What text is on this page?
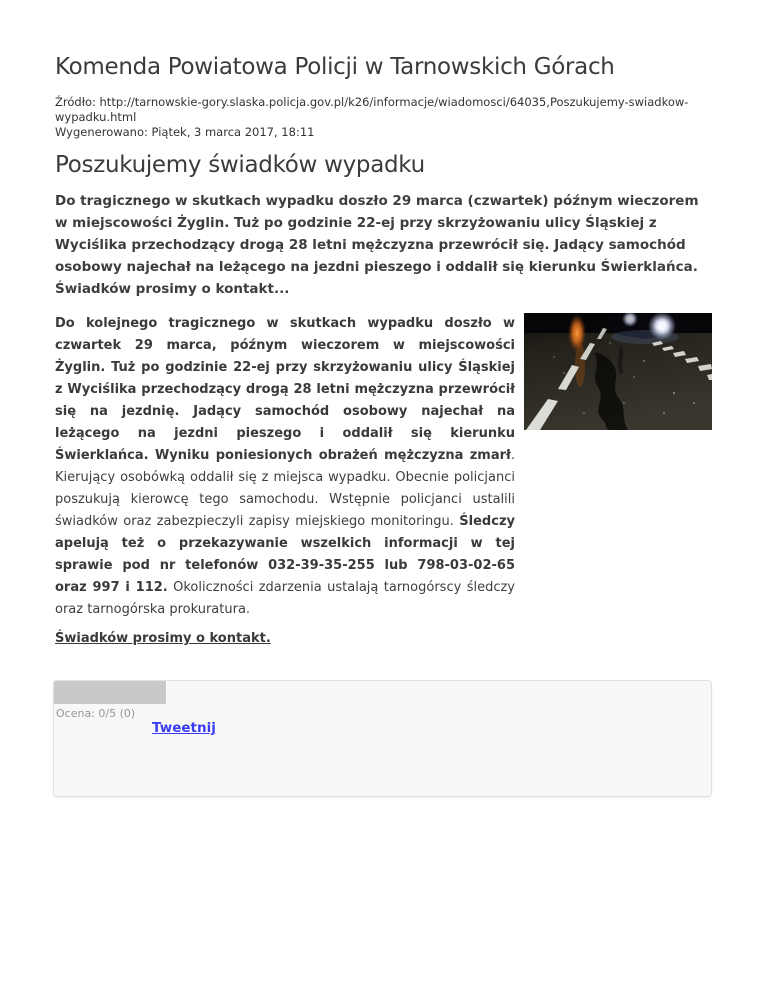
Komenda Powiatowa Policji w Tarnowskich Górach
Źródło: http://tarnowskie-gory.slaska.policja.gov.pl/k26/informacje/wiadomosci/64035,Poszukujemy-swiadkow-wypadku.html
Wygenerowano: Piątek, 3 marca 2017, 18:11
Poszukujemy świadków wypadku

Do tragicznego w skutkach wypadku doszło 29 marca (czwartek) późnym wieczorem w miejscowości Żyglin. Tuż po godzinie 22-ej przy skrzyżowaniu ulicy Śląskiej z Wyciślika przechodzący drogą 28 letni mężczyzna przewrócił się. Jadący samochód osobowy najechał na leżącego na jezdni pieszego i oddalił się kierunku Świerklańca. Świadków prosimy o kontakt...

Do kolejnego tragicznego w skutkach wypadku doszło w czwartek 29 marca, późnym wieczorem w miejscowości Żyglin. Tuż po godzinie 22-ej przy skrzyżowaniu ulicy Śląskiej z Wyciślika przechodzący drogą 28 letni mężczyzna przewrócił się na jezdnię. Jadący samochód osobowy najechał na leżącego na jezdni pieszego i oddalił się kierunku Świerklańca. Wyniku poniesionych obrażeń mężczyzna zmarł. Kierujący osobówką oddalił się z miejsca wypadku. Obecnie policjanci poszukują kierowcę tego samochodu. Wstępnie policjanci ustalili świadków oraz zabezpieczyli zapisy miejskiego monitoringu. Śledczy apelują też o przekazywanie wszelkich informacji w tej sprawie pod nr telefonów 032-39-35-255 lub 798-03-02-65 oraz 997 i 112. Okoliczności zdarzenia ustalają tarnogórscy śledczy oraz tarnogórska prokuratura.

Świadków prosimy o kontakt.

Ocena: 0/5 (0)
Tweetnij
